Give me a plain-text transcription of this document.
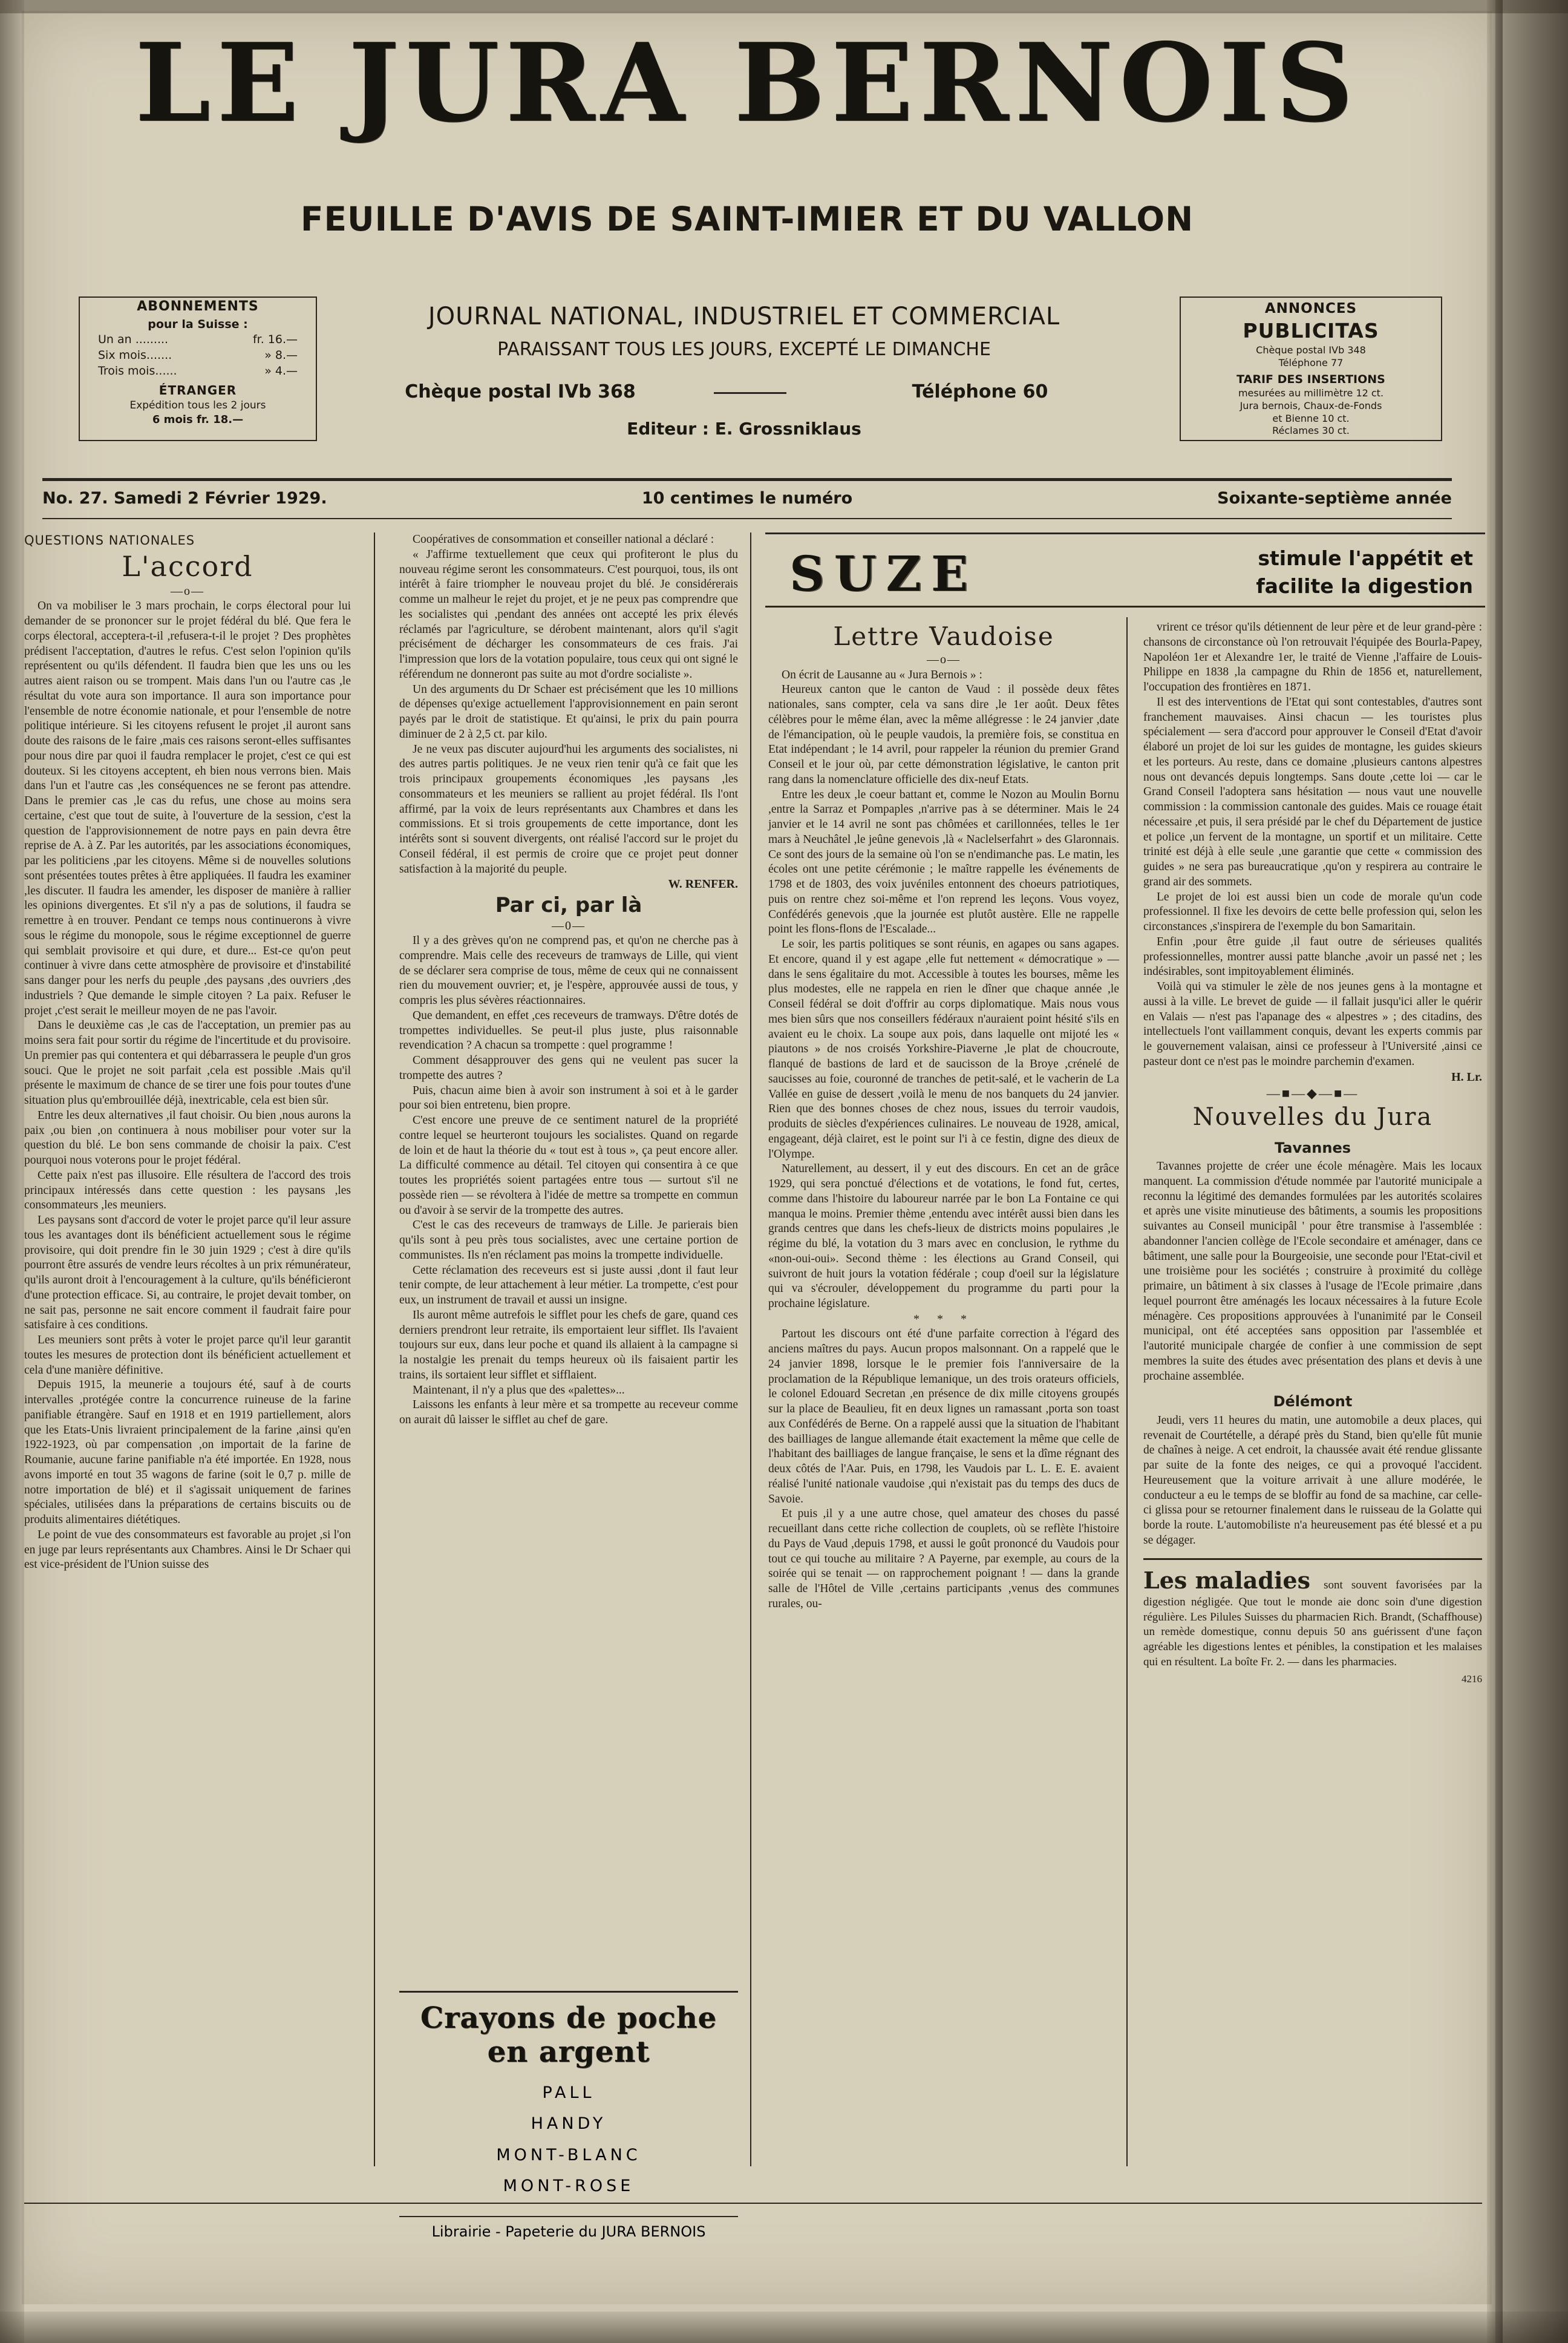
LE JURA BERNOIS
FEUILLE D'AVIS DE SAINT-IMIER ET DU VALLON
JOURNAL NATIONAL, INDUSTRIEL ET COMMERCIAL
PARAISSANT TOUS LES JOURS, EXCEPTÉ LE DIMANCHE
Chèque postal IVb 368	Téléphone 60
Editeur : E. Grossniklaus
ABONNEMENTS
pour la Suisse :
Un an .........	fr. 16.—
Six mois.......	» 8.—
Trois mois......	» 4.—
ÉTRANGER
Expédition tous les 2 jours
6 mois fr. 18.—
ANNONCES
PUBLICITAS
Chèque postal IVb 348
Téléphone 77
TARIF DES INSERTIONS
mesurées au millimètre 12 ct.
Jura bernois, Chaux-de-Fonds
et Bienne 10 ct.
Réclames 30 ct.
No. 27. Samedi 2 Février 1929.	10 centimes le numéro	Soixante-septième année

QUESTIONS NATIONALES

L'accord

—o—

On va mobiliser le 3 mars prochain, le corps électoral pour lui demander de se prononcer sur le projet fédéral du blé. Que fera le corps électoral, acceptera-t-il ,refusera-t-il le projet ? Des prophètes prédisent l'acceptation, d'autres le refus. C'est selon l'opinion qu'ils représentent ou qu'ils défendent. Il faudra bien que les uns ou les autres aient raison ou se trompent. Mais dans l'un ou l'autre cas ,le résultat du vote aura son importance. Il aura son importance pour l'ensemble de notre économie nationale, et pour l'ensemble de notre politique intérieure. Si les citoyens refusent le projet ,il auront sans doute des raisons de le faire ,mais ces raisons seront-elles suffisantes pour nous dire par quoi il faudra remplacer le projet, c'est ce qui est douteux. Si les citoyens acceptent, eh bien nous verrons bien. Mais dans l'un et l'autre cas ,les conséquences ne se feront pas attendre. Dans le premier cas ,le cas du refus, une chose au moins sera certaine, c'est que tout de suite, à l'ouverture de la session, c'est la question de l'approvisionnement de notre pays en pain devra être reprise de A. à Z. Par les autorités, par les associations économiques, par les politiciens ,par les citoyens. Même si de nouvelles solutions sont présentées toutes prêtes à être appliquées. Il faudra les examiner ,les discuter. Il faudra les amender, les disposer de manière à rallier les opinions divergentes. Et s'il n'y a pas de solutions, il faudra se remettre à en trouver. Pendant ce temps nous continuerons à vivre sous le régime du monopole, sous le régime exceptionnel de guerre qui semblait provisoire et qui dure, et dure... Est-ce qu'on peut continuer à vivre dans cette atmosphère de provisoire et d'instabilité sans danger pour les nerfs du peuple ,des paysans ,des ouvriers ,des industriels ? Que demande le simple citoyen ? La paix. Refuser le projet ,c'est serait le meilleur moyen de ne pas l'avoir.

Dans le deuxième cas ,le cas de l'acceptation, un premier pas au moins sera fait pour sortir du régime de l'incertitude et du provisoire. Un premier pas qui contentera et qui débarrassera le peuple d'un gros souci. Que le projet ne soit parfait ,cela est possible .Mais qu'il présente le maximum de chance de se tirer une fois pour toutes d'une situation plus qu'embrouillée déjà, inextricable, cela est bien sûr.

Entre les deux alternatives ,il faut choisir. Ou bien ,nous aurons la paix ,ou bien ,on continuera à nous mobiliser pour voter sur la question du blé. Le bon sens commande de choisir la paix. C'est pourquoi nous voterons pour le projet fédéral.

Cette paix n'est pas illusoire. Elle résultera de l'accord des trois principaux intéressés dans cette question : les paysans ,les consommateurs ,les meuniers.

Les paysans sont d'accord de voter le projet parce qu'il leur assure tous les avantages dont ils bénéficient actuellement sous le régime provisoire, qui doit prendre fin le 30 juin 1929 ; c'est à dire qu'ils pourront être assurés de vendre leurs récoltes à un prix rémunérateur, qu'ils auront droit à l'encouragement à la culture, qu'ils bénéficieront d'une protection efficace. Si, au contraire, le projet devait tomber, on ne sait pas, personne ne sait encore comment il faudrait faire pour satisfaire à ces conditions.

Les meuniers sont prêts à voter le projet parce qu'il leur garantit toutes les mesures de protection dont ils bénéficient actuellement et cela d'une manière définitive.

Depuis 1915, la meunerie a toujours été, sauf à de courts intervalles ,protégée contre la concurrence ruineuse de la farine panifiable étrangère. Sauf en 1918 et en 1919 partiellement, alors que les Etats-Unis livraient principalement de la farine ,ainsi qu'en 1922-1923, où par compensation ,on importait de la farine de Roumanie, aucune farine panifiable n'a été importée. En 1928, nous avons importé en tout 35 wagons de farine (soit le 0,7 p. mille de notre importation de blé) et il s'agissait uniquement de farines spéciales, utilisées dans la préparations de certains biscuits ou de produits alimentaires diététiques.

Le point de vue des consommateurs est favorable au projet ,si l'on en juge par leurs représentants aux Chambres. Ainsi le Dr Schaer qui est vice-président de l'Union suisse des

Coopératives de consommation et conseiller national a déclaré :

« J'affirme textuellement que ceux qui profiteront le plus du nouveau régime seront les consommateurs. C'est pourquoi, tous, ils ont intérêt à faire triompher le nouveau projet du blé. Je considérerais comme un malheur le rejet du projet, et je ne peux pas comprendre que les socialistes qui ,pendant des années ont accepté les prix élevés réclamés par l'agriculture, se dérobent maintenant, alors qu'il s'agit précisément de décharger les consommateurs de ces frais. J'ai l'impression que lors de la votation populaire, tous ceux qui ont signé le référendum ne donneront pas suite au mot d'ordre socialiste ».

Un des arguments du Dr Schaer est précisément que les 10 millions de dépenses qu'exige actuellement l'approvisionnement en pain seront payés par le droit de statistique. Et qu'ainsi, le prix du pain pourra diminuer de 2 à 2,5 ct. par kilo.

Je ne veux pas discuter aujourd'hui les arguments des socialistes, ni des autres partis politiques. Je ne veux rien tenir qu'à ce fait que les trois principaux groupements économiques ,les paysans ,les consommateurs et les meuniers se rallient au projet fédéral. Ils l'ont affirmé, par la voix de leurs représentants aux Chambres et dans les commissions. Et si trois groupements de cette importance, dont les intérêts sont si souvent divergents, ont réalisé l'accord sur le projet du Conseil fédéral, il est permis de croire que ce projet peut donner satisfaction à la majorité du peuple.

W. RENFER.

Par ci, par là

—0—

Il y a des grèves qu'on ne comprend pas, et qu'on ne cherche pas à comprendre. Mais celle des receveurs de tramways de Lille, qui vient de se déclarer sera comprise de tous, même de ceux qui ne connaissent rien du mouvement ouvrier; et, je l'espère, approuvée aussi de tous, y compris les plus sévères réactionnaires.

Que demandent, en effet ,ces receveurs de tramways. D'être dotés de trompettes individuelles. Se peut-il plus juste, plus raisonnable revendication ? A chacun sa trompette : quel programme !

Comment désapprouver des gens qui ne veulent pas sucer la trompette des autres ?

Puis, chacun aime bien à avoir son instrument à soi et à le garder pour soi bien entretenu, bien propre.

C'est encore une preuve de ce sentiment naturel de la propriété contre lequel se heurteront toujours les socialistes. Quand on regarde de loin et de haut la théorie du « tout est à tous », ça peut encore aller. La difficulté commence au détail. Tel citoyen qui consentira à ce que toutes les propriétés soient partagées entre tous — surtout s'il ne possède rien — se révoltera à l'idée de mettre sa trompette en commun ou d'avoir à se servir de la trompette des autres.

C'est le cas des receveurs de tramways de Lille. Je parierais bien qu'ils sont à peu près tous socialistes, avec une certaine portion de communistes. Ils n'en réclament pas moins la trompette individuelle.

Cette réclamation des receveurs est si juste aussi ,dont il faut leur tenir compte, de leur attachement à leur métier. La trompette, c'est pour eux, un instrument de travail et aussi un insigne.

Ils auront même autrefois le sifflet pour les chefs de gare, quand ces derniers prendront leur retraite, ils emportaient leur sifflet. Ils l'avaient toujours sur eux, dans leur poche et quand ils allaient à la campagne si la nostalgie les prenait du temps heureux où ils faisaient partir les trains, ils sortaient leur sifflet et sifflaient.

Maintenant, il n'y a plus que des «palettes»...

Laissons les enfants à leur mère et sa trompette au receveur comme on aurait dû laisser le sifflet au chef de gare.

Crayons de poche en argent
PALL
HANDY
MONT-BLANC
MONT-ROSE
Librairie - Papeterie du JURA BERNOIS
SUZE	stimule l'appétit et
facilite la digestion

Lettre Vaudoise

—o—

On écrit de Lausanne au « Jura Bernois » :

Heureux canton que le canton de Vaud : il possède deux fêtes nationales, sans compter, cela va sans dire ,le 1er août. Deux fêtes célèbres pour le même élan, avec la même allégresse : le 24 janvier ,date de l'émancipation, où le peuple vaudois, la première fois, se constitua en Etat indépendant ; le 14 avril, pour rappeler la réunion du premier Grand Conseil et le jour où, par cette démonstration législative, le canton prit rang dans la nomenclature officielle des dix-neuf Etats.

Entre les deux ,le coeur battant et, comme le Nozon au Moulin Bornu ,entre la Sarraz et Pompaples ,n'arrive pas à se déterminer. Mais le 24 janvier et le 14 avril ne sont pas chômées et carillonnées, telles le 1er mars à Neuchâtel ,le jeûne genevois ,là « Naclelserfahrt » des Glaronnais. Ce sont des jours de la semaine où l'on se n'endimanche pas. Le matin, les écoles ont une petite cérémonie ; le maître rappelle les événements de 1798 et de 1803, des voix juvéniles entonnent des choeurs patriotiques, puis on rentre chez soi-même et l'on reprend les leçons. Vous voyez, Confédérés genevois ,que la journée est plutôt austère. Elle ne rappelle point les flons-flons de l'Escalade...

Le soir, les partis politiques se sont réunis, en agapes ou sans agapes. Et encore, quand il y est agape ,elle fut nettement « démocratique » — dans le sens égalitaire du mot. Accessible à toutes les bourses, même les plus modestes, elle ne rappela en rien le dîner que chaque année ,le Conseil fédéral se doit d'offrir au corps diplomatique. Mais nous vous mes bien sûrs que nos conseillers fédéraux n'auraient point hésité s'ils en avaient eu le choix. La soupe aux pois, dans laquelle ont mijoté les « piautons » de nos croisés Yorkshire-Piaverne ,le plat de choucroute, flanqué de bastions de lard et de saucisson de la Broye ,crénelé de saucisses au foie, couronné de tranches de petit-salé, et le vacherin de La Vallée en guise de dessert ,voilà le menu de nos banquets du 24 janvier. Rien que des bonnes choses de chez nous, issues du terroir vaudois, produits de siècles d'expériences culinaires. Le nouveau de 1928, amical, engageant, déjà clairet, est le point sur l'i à ce festin, digne des dieux de l'Olympe.

Naturellement, au dessert, il y eut des discours. En cet an de grâce 1929, qui sera ponctué d'élections et de votations, le fond fut, certes, comme dans l'histoire du laboureur narrée par le bon La Fontaine ce qui manqua le moins. Premier thème ,entendu avec intérêt aussi bien dans les grands centres que dans les chefs-lieux de districts moins populaires ,le régime du blé, la votation du 3 mars avec en conclusion, le rythme du «non-oui-oui». Second thème : les élections au Grand Conseil, qui suivront de huit jours la votation fédérale ; coup d'oeil sur la législature qui va s'écrouler, développement du programme du parti pour la prochaine législature.

* * *

Partout les discours ont été d'une parfaite correction à l'égard des anciens maîtres du pays. Aucun propos malsonnant. On a rappelé que le 24 janvier 1898, lorsque le le premier fois l'anniversaire de la proclamation de la République lemanique, un des trois orateurs officiels, le colonel Edouard Secretan ,en présence de dix mille citoyens groupés sur la place de Beaulieu, fit en deux lignes un ramassant ,porta son toast aux Confédérés de Berne. On a rappelé aussi que la situation de l'habitant des bailliages de langue allemande était exactement la même que celle de l'habitant des bailliages de langue française, le sens et la dîme régnant des deux côtés de l'Aar. Puis, en 1798, les Vaudois par L. L. E. E. avaient réalisé l'unité nationale vaudoise ,qui n'existait pas du temps des ducs de Savoie.

Et puis ,il y a une autre chose, quel amateur des choses du passé recueillant dans cette riche collection de couplets, où se reflète l'histoire du Pays de Vaud ,depuis 1798, et aussi le goût prononcé du Vaudois pour tout ce qui touche au militaire ? A Payerne, par exemple, au cours de la soirée qui se tenait — on rapprochement poignant ! — dans la grande salle de l'Hôtel de Ville ,certains participants ,venus des communes rurales, ou-

vrirent ce trésor qu'ils détiennent de leur père et de leur grand-père : chansons de circonstance où l'on retrouvait l'équipée des Bourla-Papey, Napoléon 1er et Alexandre 1er, le traité de Vienne ,l'affaire de Louis-Philippe en 1838 ,la campagne du Rhin de 1856 et, naturellement, l'occupation des frontières en 1871.

Il est des interventions de l'Etat qui sont contestables, d'autres sont franchement mauvaises. Ainsi chacun — les touristes plus spécialement — sera d'accord pour approuver le Conseil d'Etat d'avoir élaboré un projet de loi sur les guides de montagne, les guides skieurs et les porteurs. Au reste, dans ce domaine ,plusieurs cantons alpestres nous ont devancés depuis longtemps. Sans doute ,cette loi — car le Grand Conseil l'adoptera sans hésitation — nous vaut une nouvelle commission : la commission cantonale des guides. Mais ce rouage était nécessaire ,et puis, il sera présidé par le chef du Département de justice et police ,un fervent de la montagne, un sportif et un militaire. Cette trinité est déjà à elle seule ,une garantie que cette « commission des guides » ne sera pas bureaucratique ,qu'on y respirera au contraire le grand air des sommets.

Le projet de loi est aussi bien un code de morale qu'un code professionnel. Il fixe les devoirs de cette belle profession qui, selon les circonstances ,s'inspirera de l'exemple du bon Samaritain.

Enfin ,pour être guide ,il faut outre de sérieuses qualités professionnelles, montrer aussi patte blanche ,avoir un passé net ; les indésirables, sont impitoyablement éliminés.

Voilà qui va stimuler le zèle de nos jeunes gens à la montagne et aussi à la ville. Le brevet de guide — il fallait jusqu'ici aller le quérir en Valais — n'est pas l'apanage des « alpestres » ; des citadins, des intellectuels l'ont vaillamment conquis, devant les experts commis par le gouvernement valaisan, ainsi ce professeur à l'Université ,ainsi ce pasteur dont ce n'est pas le moindre parchemin d'examen.

H. Lr.

—■—◆—■—

Nouvelles du Jura

Tavannes

Tavannes projette de créer une école ménagère. Mais les locaux manquent. La commission d'étude nommée par l'autorité municipale a reconnu la légitimé des demandes formulées par les autorités scolaires et après une visite minutieuse des bâtiments, a soumis les propositions suivantes au Conseil municipâl ' pour être transmise à l'assemblée : abandonner l'ancien collège de l'Ecole secondaire et aménager, dans ce bâtiment, une salle pour la Bourgeoisie, une seconde pour l'Etat-civil et une troisième pour les sociétés ; construire à proximité du collège primaire, un bâtiment à six classes à l'usage de l'Ecole primaire ,dans lequel pourront être aménagés les locaux nécessaires à la future Ecole ménagère. Ces propositions approuvées à l'unanimité par le Conseil municipal, ont été acceptées sans opposition par l'assemblée et l'autorité municipale chargée de confier à une commission de sept membres la suite des études avec présentation des plans et devis à une prochaine assemblée.

Délémont

Jeudi, vers 11 heures du matin, une automobile a deux places, qui revenait de Courtételle, a dérapé près du Stand, bien qu'elle fût munie de chaînes à neige. A cet endroit, la chaussée avait été rendue glissante par suite de la fonte des neiges, ce qui a provoqué l'accident. Heureusement que la voiture arrivait à une allure modérée, le conducteur a eu le temps de se bloffir au fond de sa machine, car celle-ci glissa pour se retourner finalement dans le ruisseau de la Golatte qui borde la route. L'automobiliste n'a heureusement pas été blessé et a pu se dégager.

Les maladies sont souvent favorisées par la digestion négligée. Que tout le monde aie donc soin d'une digestion régulière. Les Pilules Suisses du pharmacien Rich. Brandt, (Schaffhouse) un remède domestique, connu depuis 50 ans guérissent d'une façon agréable les digestions lentes et pénibles, la constipation et les malaises qui en résultent. La boîte Fr. 2. — dans les pharmacies.
4216
